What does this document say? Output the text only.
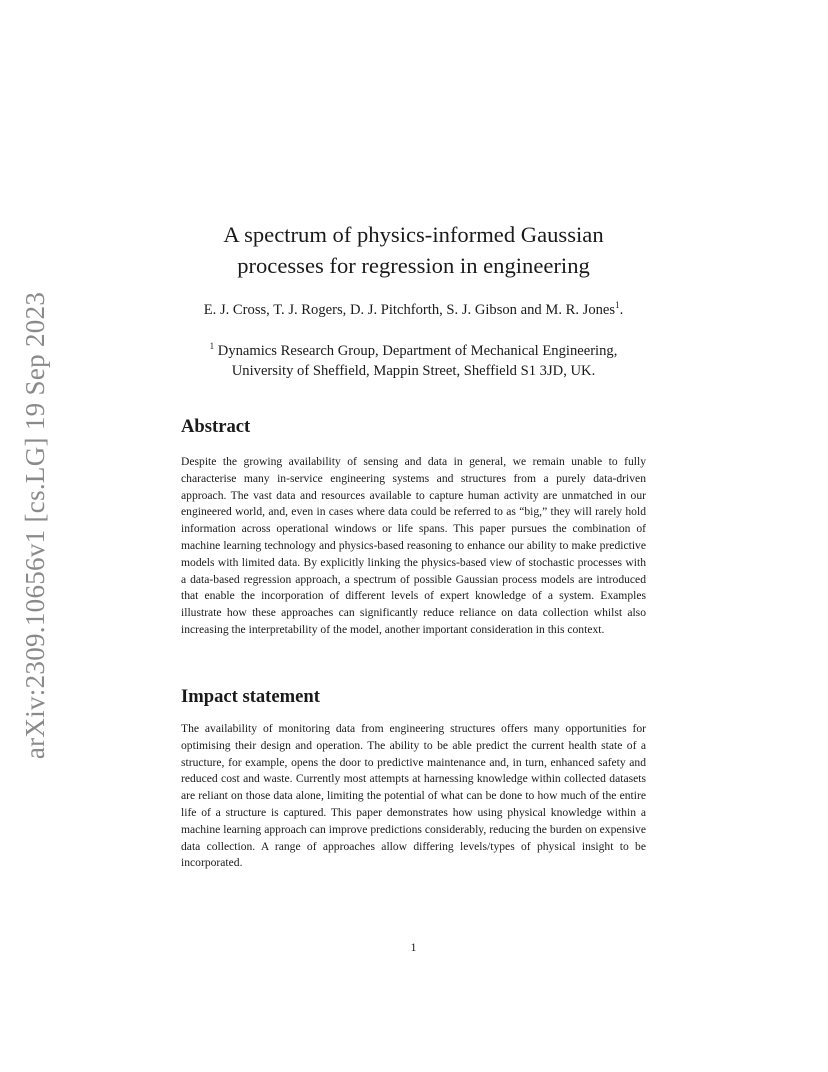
arXiv:2309.10656v1 [cs.LG] 19 Sep 2023
A spectrum of physics-informed Gaussian
processes for regression in engineering

E. J. Cross, T. J. Rogers, D. J. Pitchforth, S. J. Gibson and M. R. Jones$^1$.

$^1$ Dynamics Research Group, Department of Mechanical Engineering,
University of Sheffield, Mappin Street, Sheffield S1 3JD, UK.

Abstract

Despite the growing availability of sensing and data in general, we remain unable to fully characterise many in-service engineering systems and structures from a purely data-driven approach. The vast data and resources available to capture human activity are unmatched in our engineered world, and, even in cases where data could be referred to as “big,” they will rarely hold information across operational windows or life spans. This paper pursues the combination of machine learning technology and physics-based reasoning to enhance our ability to make predictive models with limited data. By explicitly linking the physics-based view of stochastic processes with a data-based regression approach, a spectrum of possible Gaussian process models are introduced that enable the incorporation of different levels of expert knowledge of a system. Examples illustrate how these approaches can significantly reduce reliance on data collection whilst also increasing the interpretability of the model, another important consideration in this context.

Impact statement

The availability of monitoring data from engineering structures offers many opportunities for optimising their design and operation. The ability to be able predict the current health state of a structure, for example, opens the door to predictive maintenance and, in turn, enhanced safety and reduced cost and waste. Currently most attempts at harnessing knowledge within collected datasets are reliant on those data alone, limiting the potential of what can be done to how much of the entire life of a structure is captured. This paper demonstrates how using physical knowledge within a machine learning approach can improve predictions considerably, reducing the burden on expensive data collection. A range of approaches allow differing levels/types of physical insight to be incorporated.

1
